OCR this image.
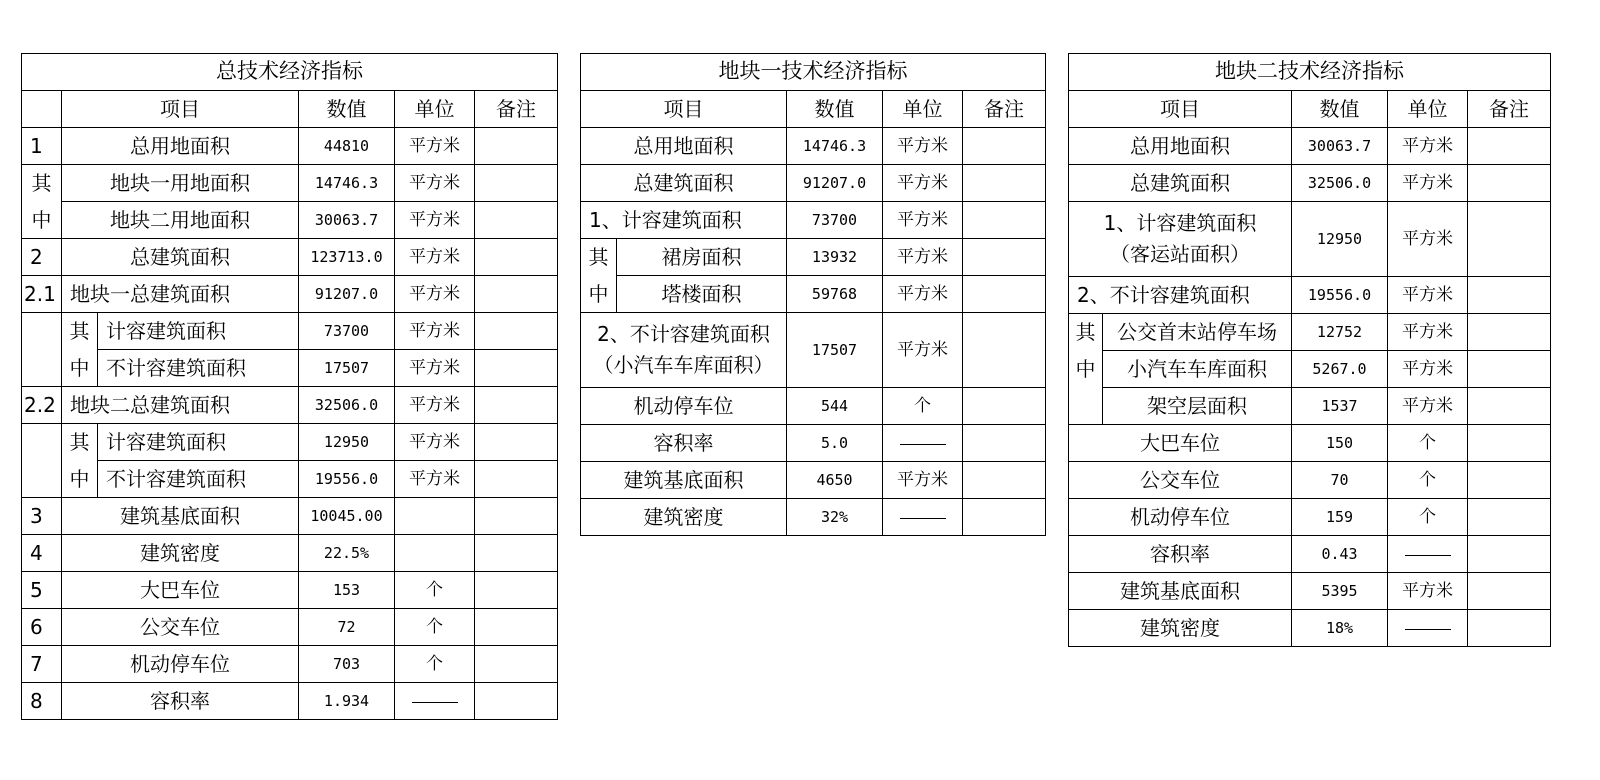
总技术经济指标					
	项目		数值	单位	备注
1	总用地面积		44810	平方米	
其	地块一用地面积		14746.3	平方米	
中	地块二用地面积		30063.7	平方米	
2	总建筑面积		123713.0	平方米	
2.1	地块一总建筑面积		91207.0	平方米	
	其	计容建筑面积	73700	平方米	
	中	不计容建筑面积	17507	平方米	
2.2	地块二总建筑面积		32506.0	平方米	
	其	计容建筑面积	12950	平方米	
	中	不计容建筑面积	19556.0	平方米	
3	建筑基底面积		10045.00		
4	建筑密度		22.5%		
5	大巴车位		153	个	
6	公交车位		72	个	
7	机动停车位		703	个	
8	容积率		1.934		
地块一技术经济指标				
项目		数值	单位	备注
总用地面积		14746.3	平方米	
总建筑面积		91207.0	平方米	
1、计容建筑面积		73700	平方米	
其	裙房面积	13932	平方米	
中	塔楼面积	59768	平方米	

2、不计容建筑面积
（小汽车车库面积）		17507	平方米	
机动停车位		544	个	
容积率		5.0		
建筑基底面积		4650	平方米	
建筑密度		32%		
地块二技术经济指标				
项目		数值	单位	备注
总用地面积		30063.7	平方米	
总建筑面积		32506.0	平方米	

1、计容建筑面积
（客运站面积）		12950	平方米	
2、不计容建筑面积		19556.0	平方米	
其	公交首末站停车场	12752	平方米	
中	小汽车车库面积	5267.0	平方米	
	架空层面积	1537	平方米	
大巴车位		150	个	
公交车位		70	个	
机动停车位		159	个	
容积率		0.43		
建筑基底面积		5395	平方米	
建筑密度		18%		
